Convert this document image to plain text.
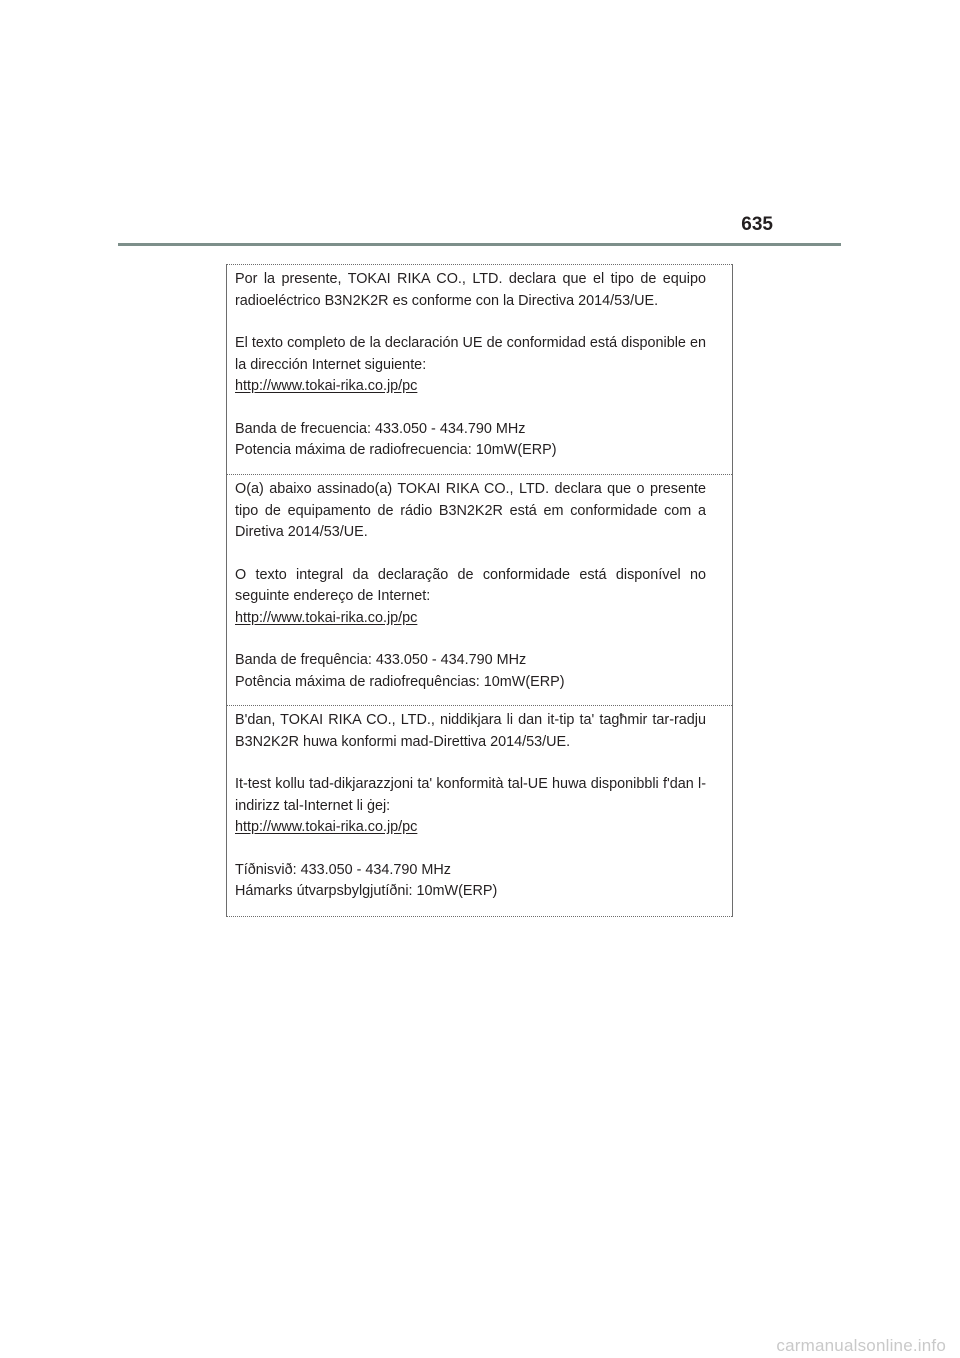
635

Por la presente, TOKAI RIKA CO., LTD. declara que el tipo de equipo radioeléctrico B3N2K2R es conforme con la Directiva 2014/53/UE.

El texto completo de la declaración UE de conformidad está disponible en la dirección Internet siguiente:

http://www.tokai-rika.co.jp/pc

Banda de frecuencia: 433.050 - 434.790 MHz

Potencia máxima de radiofrecuencia: 10mW(ERP)

O(a) abaixo assinado(a) TOKAI RIKA CO., LTD. declara que o presente tipo de equipamento de rádio B3N2K2R está em conformidade com a Diretiva 2014/53/UE.

O texto integral da declaração de conformidade está disponível no seguinte endereço de Internet:

http://www.tokai-rika.co.jp/pc

Banda de frequência: 433.050 - 434.790 MHz

Potência máxima de radiofrequências: 10mW(ERP)

B'dan, TOKAI RIKA CO., LTD., niddikjara li dan it-tip ta' tagħmir tar-radju B3N2K2R huwa konformi mad-Direttiva 2014/53/UE.

It-test kollu tad-dikjarazzjoni ta' konformità tal-UE huwa disponibbli f'dan l-indirizz tal-Internet li ġej:

http://www.tokai-rika.co.jp/pc

Tíðnisvið: 433.050 - 434.790 MHz

Hámarks útvarpsbylgjutíðni: 10mW(ERP)

carmanualsonline.info
